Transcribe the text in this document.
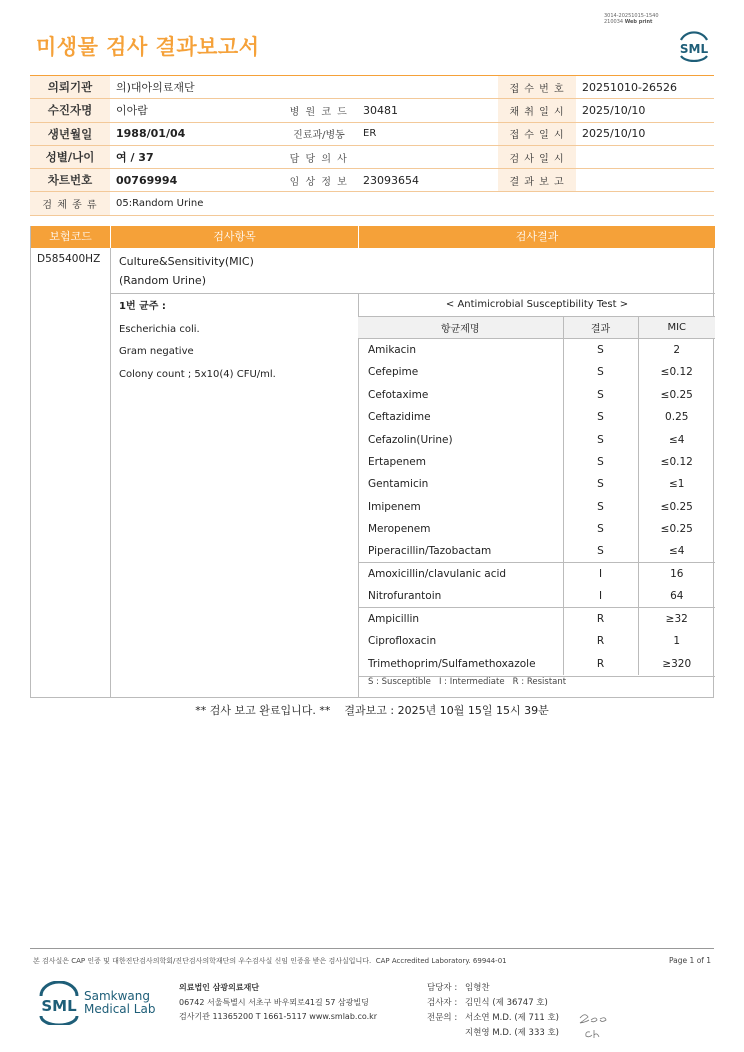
3014-20251015-1540
210034 Web print
미생물 검사 결과보고서	SML
의뢰기관	의)대아의료재단			접 수 번 호	20251010-26526
수진자명	이아람	병 원 코 드	30481	채 취 일 시	2025/10/10
생년월일	1988/01/04	진료과/병동	ER	접 수 일 시	2025/10/10
성별/나이	여 / 37	담 당 의 사		검 사 일 시	
차트번호	00769994	임 상 정 보	23093654	결 과 보 고	
검 체 종 류	05:Random Urine				
보험코드	검사항목	검사결과
D585400HZ Culture&Sensitivity(MIC)
(Random Urine)
1번 균주 :
Escherichia coli.
Gram negative
Colony count ; 5x10(4) CFU/ml.
< Antimicrobial Susceptibility Test >
항균제명	결과	MIC
Amikacin	S	2
Cefepime	S	≤0.12
Cefotaxime	S	≤0.25
Ceftazidime	S	0.25
Cefazolin(Urine)	S	≤4
Ertapenem	S	≤0.12
Gentamicin	S	≤1
Imipenem	S	≤0.25
Meropenem	S	≤0.25
Piperacillin/Tazobactam	S	≤4
Amoxicillin/clavulanic acid	I	16
Nitrofurantoin	I	64
Ampicillin	R	≥32
Ciprofloxacin	R	1
Trimethoprim/Sulfamethoxazole	R	≥320
S : Susceptible   I : Intermediate   R : Resistant
** 검사 보고 완료입니다. **    결과보고 : 2025년 10월 15일 15시 39분
본 검사실은 CAP 인증 및 대한진단검사의학회/진단검사의학재단의 우수검사실 신임 인증을 받은 검사실입니다.  CAP Accredited Laboratory. 69944-01	Page 1 of 1
SML
Samkwang
Medical Lab
의료법인 삼광의료재단
06742 서울특별시 서초구 바우뫼로41길 57 삼광빌딩
검사기관 11365200 T 1661-5117 www.smlab.co.kr
담당자 : 임형찬
검사자 : 김민식 (제 36747 호)
전문의 : 서소연 M.D. (제 711 호)
지현영 M.D. (제 333 호)
